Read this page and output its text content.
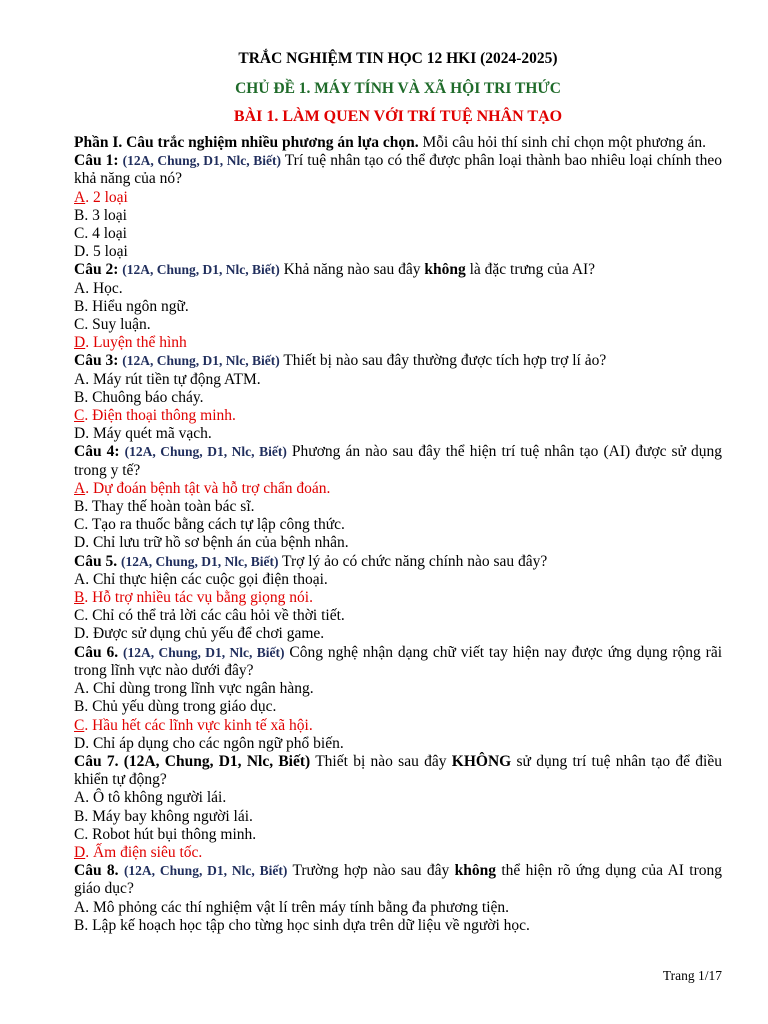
TRẮC NGHIỆM TIN HỌC 12 HKI (2024-2025)

CHỦ ĐỀ 1. MÁY TÍNH VÀ XÃ HỘI TRI THỨC

BÀI 1. LÀM QUEN VỚI TRÍ TUỆ NHÂN TẠO

Phần I. Câu trắc nghiệm nhiều phương án lựa chọn. Mỗi câu hỏi thí sinh chỉ chọn một phương án.

Câu 1: (12A, Chung, D1, Nlc, Biết) Trí tuệ nhân tạo có thể được phân loại thành bao nhiêu loại chính theo khả năng của nó?

A. 2 loại

B. 3 loại

C. 4 loại

D. 5 loại

Câu 2: (12A, Chung, D1, Nlc, Biết) Khả năng nào sau đây không là đặc trưng của AI?

A. Học.

B. Hiểu ngôn ngữ.

C. Suy luận.

D. Luyện thể hình

Câu 3: (12A, Chung, D1, Nlc, Biết) Thiết bị nào sau đây thường được tích hợp trợ lí ảo?

A. Máy rút tiền tự động ATM.

B. Chuông báo cháy.

C. Điện thoại thông minh.

D. Máy quét mã vạch.

Câu 4: (12A, Chung, D1, Nlc, Biết) Phương án nào sau đây thể hiện trí tuệ nhân tạo (AI) được sử dụng trong y tế?

A. Dự đoán bệnh tật và hỗ trợ chẩn đoán.

B. Thay thế hoàn toàn bác sĩ.

C. Tạo ra thuốc bằng cách tự lập công thức.

D. Chỉ lưu trữ hồ sơ bệnh án của bệnh nhân.

Câu 5. (12A, Chung, D1, Nlc, Biết) Trợ lý ảo có chức năng chính nào sau đây?

A. Chỉ thực hiện các cuộc gọi điện thoại.

B. Hỗ trợ nhiều tác vụ bằng giọng nói.

C. Chỉ có thể trả lời các câu hỏi về thời tiết.

D. Được sử dụng chủ yếu để chơi game.

Câu 6. (12A, Chung, D1, Nlc, Biết) Công nghệ nhận dạng chữ viết tay hiện nay được ứng dụng rộng rãi trong lĩnh vực nào dưới đây?

A. Chỉ dùng trong lĩnh vực ngân hàng.

B. Chủ yếu dùng trong giáo dục.

C. Hầu hết các lĩnh vực kinh tế xã hội.

D. Chỉ áp dụng cho các ngôn ngữ phổ biến.

Câu 7. (12A, Chung, D1, Nlc, Biết) Thiết bị nào sau đây KHÔNG sử dụng trí tuệ nhân tạo để điều khiển tự động?

A. Ô tô không người lái.

B. Máy bay không người lái.

C. Robot hút bụi thông minh.

D. Ấm điện siêu tốc.

Câu 8. (12A, Chung, D1, Nlc, Biết) Trường hợp nào sau đây không thể hiện rõ ứng dụng của AI trong giáo dục?

A. Mô phỏng các thí nghiệm vật lí trên máy tính bằng đa phương tiện.

B. Lập kế hoạch học tập cho từng học sinh dựa trên dữ liệu về người học.

Trang 1/17
